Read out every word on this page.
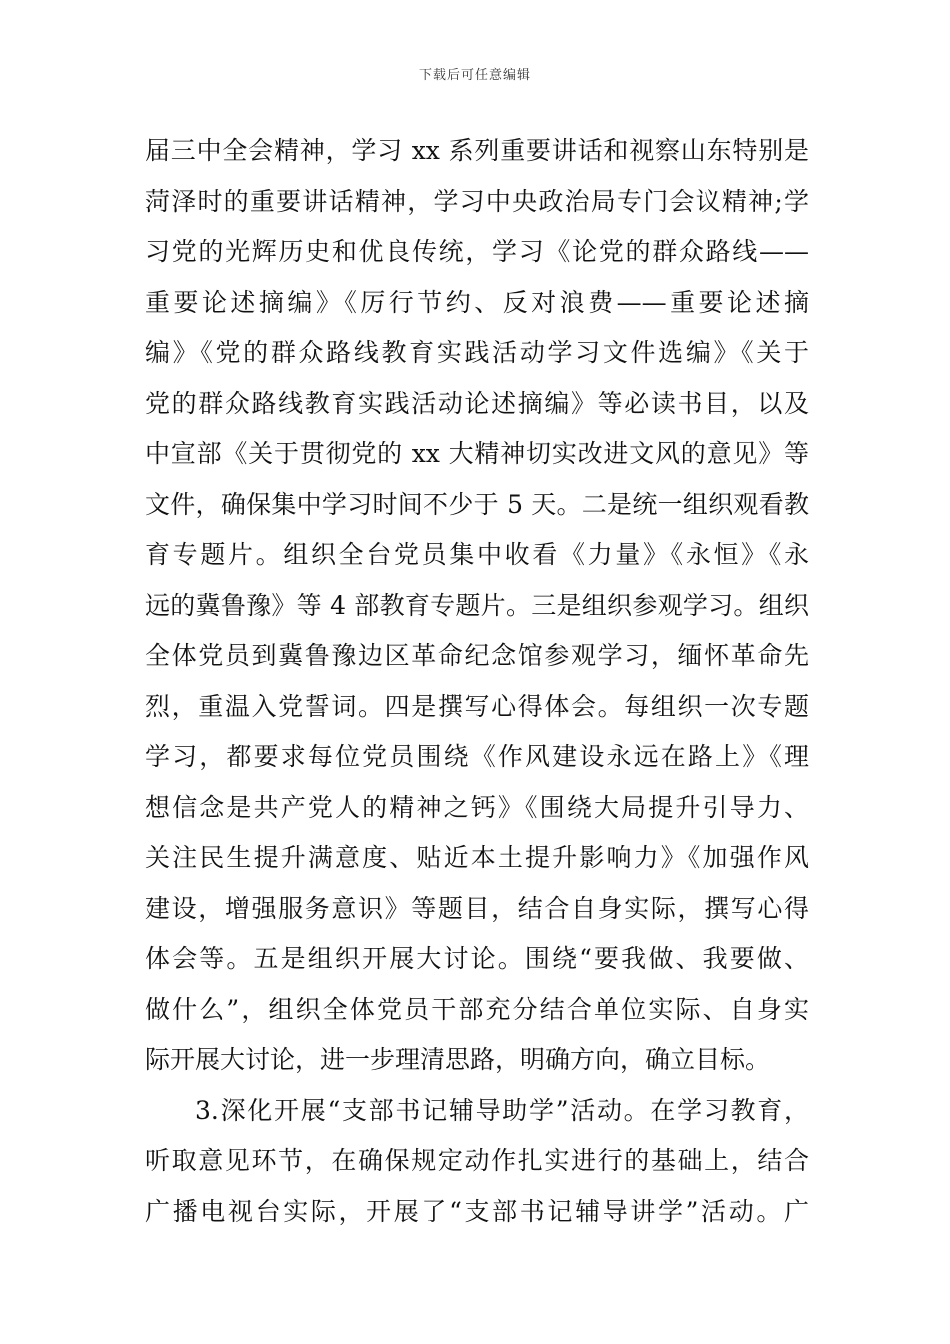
下载后可任意编辑
届三中全会精神，学习 xx 系列重要讲话和视察山东特别是
菏泽时的重要讲话精神，学习中央政治局专门会议精神;学
习党的光辉历史和优良传统，学习《论党的群众路线——
重要论述摘编》《厉行节约、反对浪费——重要论述摘
编》《党的群众路线教育实践活动学习文件选编》《关于
党的群众路线教育实践活动论述摘编》等必读书目，以及
中宣部《关于贯彻党的 xx 大精神切实改进文风的意见》等
文件，确保集中学习时间不少于 5 天。二是统一组织观看教
育专题片。组织全台党员集中收看《力量》《永恒》《永
远的冀鲁豫》等 4 部教育专题片。三是组织参观学习。组织
全体党员到冀鲁豫边区革命纪念馆参观学习，缅怀革命先
烈，重温入党誓词。四是撰写心得体会。每组织一次专题
学习，都要求每位党员围绕《作风建设永远在路上》《理
想信念是共产党人的精神之钙》《围绕大局提升引导力、
关注民生提升满意度、贴近本土提升影响力》《加强作风
建设，增强服务意识》等题目，结合自身实际，撰写心得
体会等。五是组织开展大讨论。围绕“要我做、我要做、
做什么”，组织全体党员干部充分结合单位实际、自身实
际开展大讨论，进一步理清思路，明确方向，确立目标。
3.深化开展“支部书记辅导助学”活动。在学习教育，
听取意见环节，在确保规定动作扎实进行的基础上，结合
广播电视台实际，开展了“支部书记辅导讲学”活动。广
